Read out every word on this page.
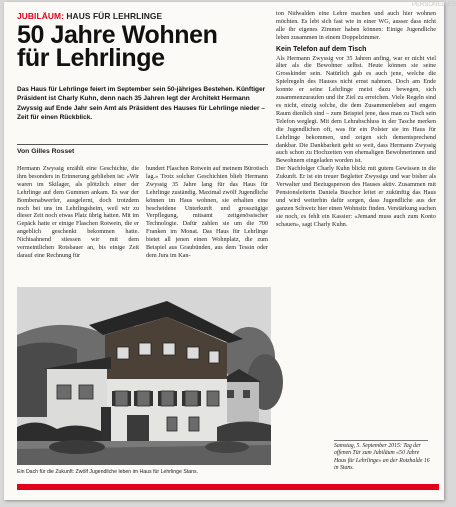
PERSONELLES
JUBILÄUM: HAUS FÜR LEHRLINGE
50 Jahre Wohnen
für Lehrlinge

Das Haus für Lehrlinge feiert im September sein 50-jähriges Bestehen. Künftiger Präsident ist Charly Kuhn, denn nach 35 Jahren legt der Architekt Hermann Zwyssig auf Ende Jahr sein Amt als Präsident des Hauses für Lehrlinge nieder – Zeit für einen Rückblick.

Von Gilles Rosset

Hermann Zwyssig erzählt eine Geschichte, die ihm besonders in Erinnerung geblieben ist: «Wir waren im Skilager, als plötzlich einer der Lehrlinge auf dem Gummen ankam. Es war der Bombenabwerfer, ausgelernt, doch trotzdem noch bei uns im Lehrlingsheim, weil wir zu dieser Zeit noch etwas Platz übrig hatten. Mit im Gepäck hatte er einige Flaschen Rotwein, die er angeblich geschenkt bekommen hatte. Nichtsahnend stiessen wir mit dem vermeintlichen Rotsbauer an, bis einige Zeit darauf eine Rechnung für

hundert Flaschen Rotwein auf meinem Bürotisch lag.» Trotz solcher Geschichten blieb Hermann Zwyssig 35 Jahre lang für das Haus für Lehrlinge zuständig. Maximal zwölf Jugendliche können im Haus wohnen, sie erhalten eine bescheidene Unterkunft und grosszügige Verpflegung, mitsamt zeitgenössischer Technologie. Dafür zahlen sie um die 700 Franken im Monat. Das Haus für Lehrlinge bietet all jenen einen Wohnplatz, die zum Beispiel aus Graubünden, aus dem Tessin oder dem Jura im Kan-

ton Nidwalden eine Lehre machen und auch hier wohnen möchten. Es lebt sich fast wie in einer WG, ausser dass nicht alle ihr eigenes Zimmer haben können: Einige Jugendliche leben zusammen in einem Doppelzimmer.

Kein Telefon auf dem Tisch

Als Hermann Zwyssig vor 35 Jahren anfing, war er nicht viel älter als die Bewohner selbst. Heute können sie seine Grosskinder sein. Natürlich gab es auch jene, welche die Spielregeln des Hauses nicht ernst nahmen. Doch am Ende konnte er seine Lehrlinge meist dazu bewegen, sich zusammenzuraufen und ihr Ziel zu erreichen. Viele Regeln sind es nicht, einzig solche, die dem Zusammenleben auf engem Raum dienlich sind – zum Beispiel jene, dass man zu Tisch sein Telefon weglegt. Mit dem Lehrabschluss in der Tasche merken die Jugendlichen oft, was für ein Polster sie im Haus für Lehrlinge bekommen, und zeigen sich dementsprechend dankbar. Die Dankbarkeit geht so weit, dass Hermann Zwyssig auch schon zu Hochzeiten von ehemaligen Bewohnerinnen und Bewohnern eingeladen worden ist.

Der Nachfolger Charly Kuhn blickt mit gutem Gewissen in die Zukunft. Er ist ein treuer Begleiter Zwyssigs und war bisher als Verwalter und Beziugsperson des Hauses aktiv. Zusammen mit Pensionsleiterin Daniela Buschor leitet er zukünftig das Haus und wird weiterhin dafür sorgen, dass Jugendliche aus der ganzen Schweiz hier einen Wohnsitz finden. Verstärkung suchen sie noch, es fehlt ein Kassier: «Jemand muss auch zum Konto schauen», sagt Charly Kuhn.

Ein Dach für die Zukunft: Zwölf Jugendliche leben im Haus für Lehrlinge Stans.
Samstag, 5. September 2015: Tag der offenen Tür zum Jubiläum «50 Jahre Haus für Lehrlinge» an der Rotzhalde 16 in Stans.
